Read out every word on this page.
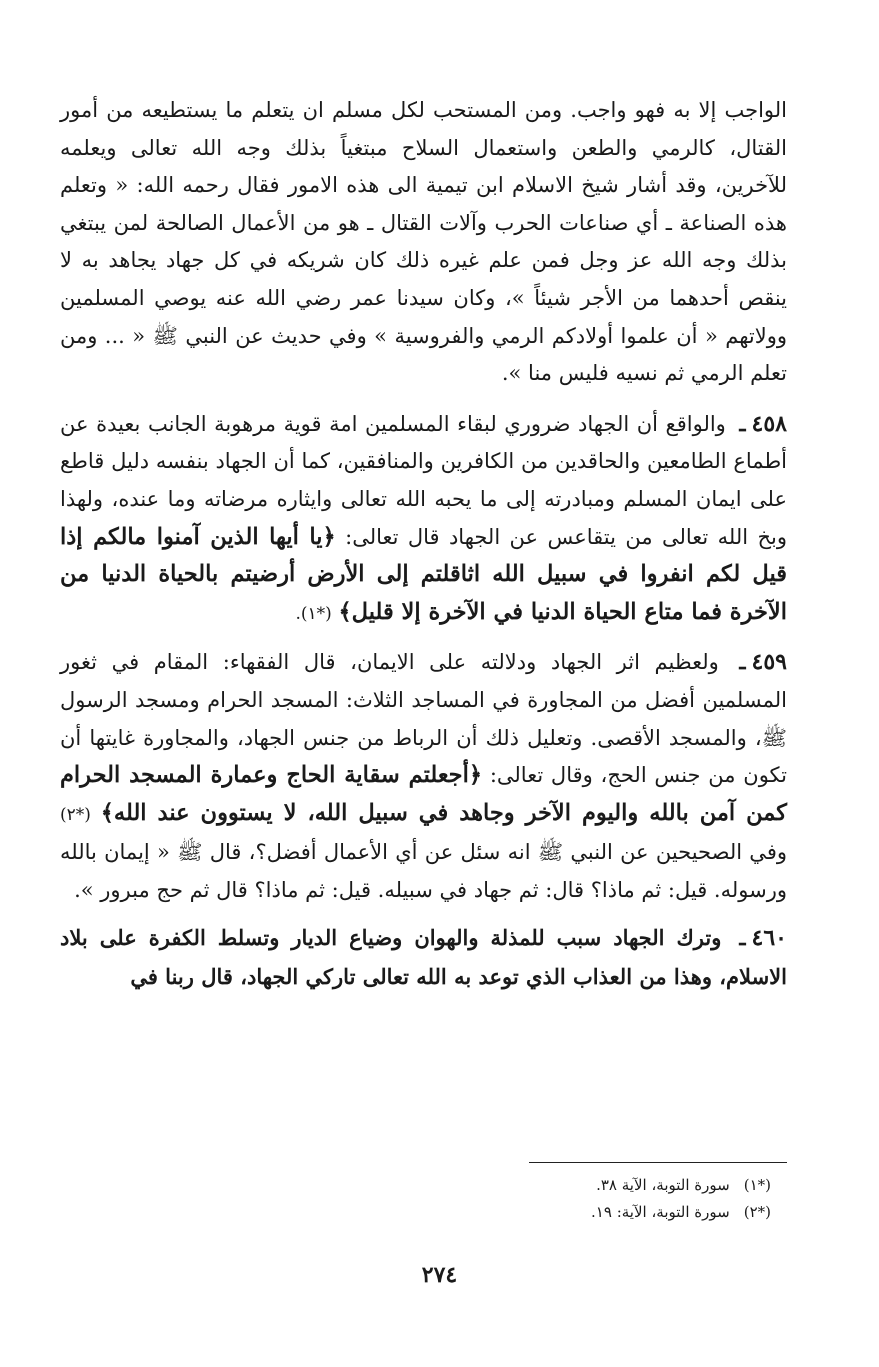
الواجب إلا به فهو واجب. ومن المستحب لكل مسلم ان يتعلم ما يستطيعه من أمور القتال، كالرمي والطعن واستعمال السلاح مبتغياً بذلك وجه الله تعالى ويعلمه للآخرين، وقد أشار شيخ الاسلام ابن تيمية الى هذه الامور فقال رحمه الله: « وتعلم هذه الصناعة ـ أي صناعات الحرب وآلات القتال ـ هو من الأعمال الصالحة لمن يبتغي بذلك وجه الله عز وجل فمن علم غيره ذلك كان شريكه في كل جهاد يجاهد به لا ينقص أحدهما من الأجر شيئاً »، وكان سيدنا عمر رضي الله عنه يوصي المسلمين وولاتهم « أن علموا أولادكم الرمي والفروسية » وفي حديث عن النبي ﷺ « ... ومن تعلم الرمي ثم نسيه فليس منا ».

٤٥٨ـ والواقع أن الجهاد ضروري لبقاء المسلمين امة قوية مرهوبة الجانب بعيدة عن أطماع الطامعين والحاقدين من الكافرين والمنافقين، كما أن الجهاد بنفسه دليل قاطع على ايمان المسلم ومبادرته إلى ما يحبه الله تعالى وايثاره مرضاته وما عنده، ولهذا وبخ الله تعالى من يتقاعس عن الجهاد قال تعالى: ﴿يا أيها الذين آمنوا مالكم إذا قيل لكم انفروا في سبيل الله اثاقلتم إلى الأرض أرضيتم بالحياة الدنيا من الآخرة فما متاع الحياة الدنيا في الآخرة إلا قليل﴾ (*١).

٤٥٩ـ ولعظيم اثر الجهاد ودلالته على الايمان، قال الفقهاء: المقام في ثغور المسلمين أفضل من المجاورة في المساجد الثلاث: المسجد الحرام ومسجد الرسول ﷺ، والمسجد الأقصى. وتعليل ذلك أن الرباط من جنس الجهاد، والمجاورة غايتها أن تكون من جنس الحج، وقال تعالى: ﴿أجعلتم سقاية الحاج وعمارة المسجد الحرام كمن آمن بالله واليوم الآخر وجاهد في سبيل الله، لا يستوون عند الله﴾ (*٢) وفي الصحيحين عن النبي ﷺ انه سئل عن أي الأعمال أفضل؟، قال ﷺ « إيمان بالله ورسوله. قيل: ثم ماذا؟ قال: ثم جهاد في سبيله. قيل: ثم ماذا؟ قال ثم حج مبرور ».

٤٦٠ـ وترك الجهاد سبب للمذلة والهوان وضياع الديار وتسلط الكفرة على بلاد الاسلام، وهذا من العذاب الذي توعد به الله تعالى تاركي الجهاد، قال ربنا في

(*١)سورة التوبة، الآية ٣٨.
(*٢)سورة التوبة، الآية: ١٩.
٢٧٤
